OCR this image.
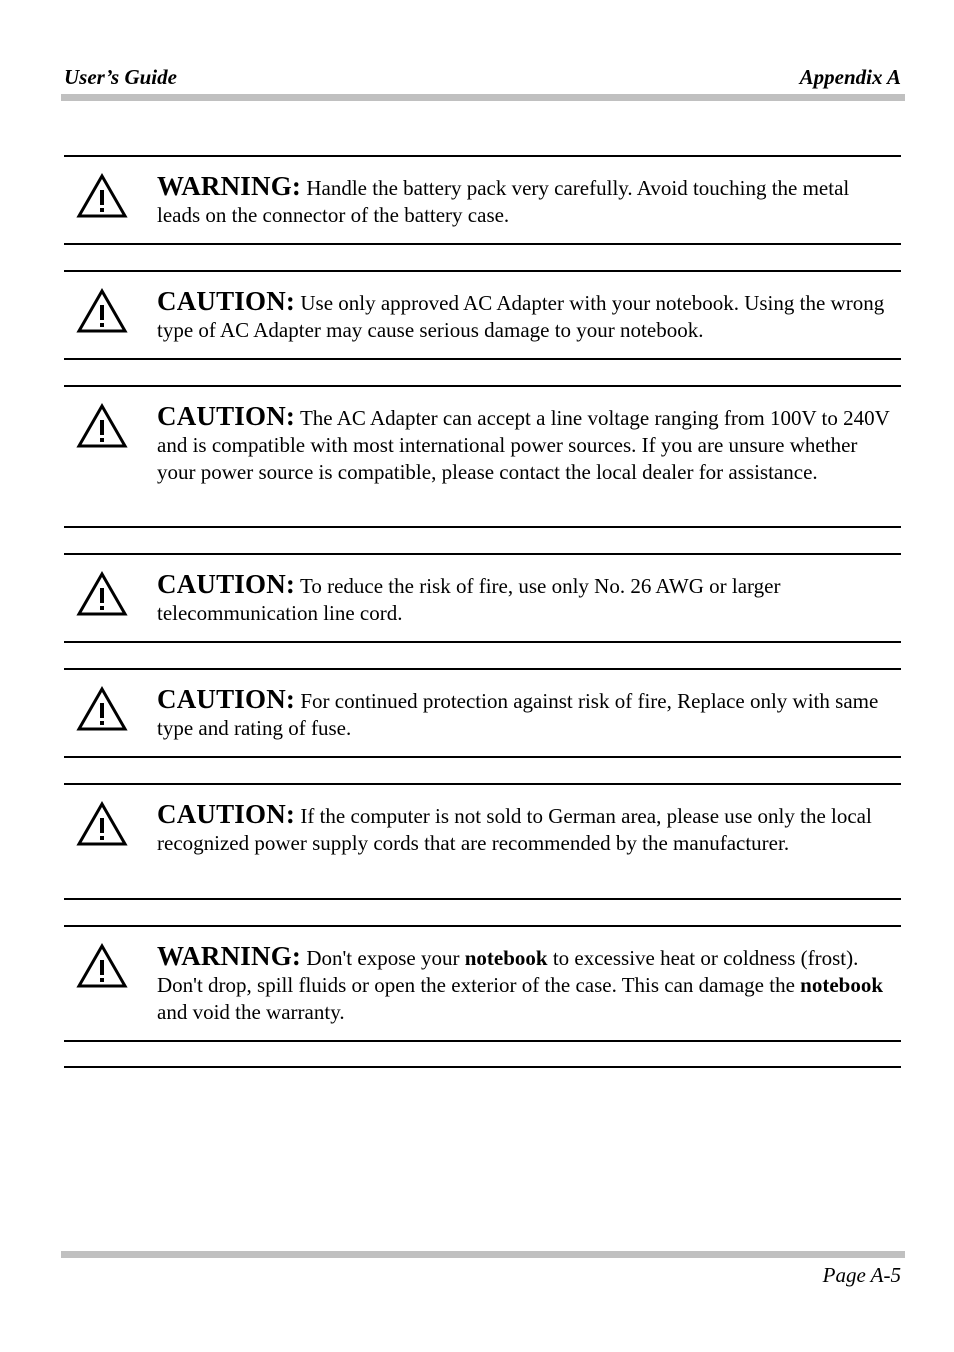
User’s Guide	Appendix A
WARNING: Handle the battery pack very carefully. Avoid touching the metal leads on the connector of the battery case.
CAUTION: Use only approved AC Adapter with your notebook. Using the wrong type of AC Adapter may cause serious damage to your notebook.
CAUTION: The AC Adapter can accept a line voltage ranging from 100V to 240V and is compatible with most international power sources. If you are unsure whether your power source is compatible, please contact the local dealer for assistance.
CAUTION: To reduce the risk of fire, use only No. 26 AWG or larger telecommunication line cord.
CAUTION: For continued protection against risk of fire, Replace only with same type and rating of fuse.
CAUTION: If the computer is not sold to German area, please use only the local recognized power supply cords that are recommended by the manufacturer.
WARNING: Don't expose your notebook to excessive heat or coldness (frost). Don't drop, spill fluids or open the exterior of the case. This can damage the notebook and void the warranty.
Page A-5
